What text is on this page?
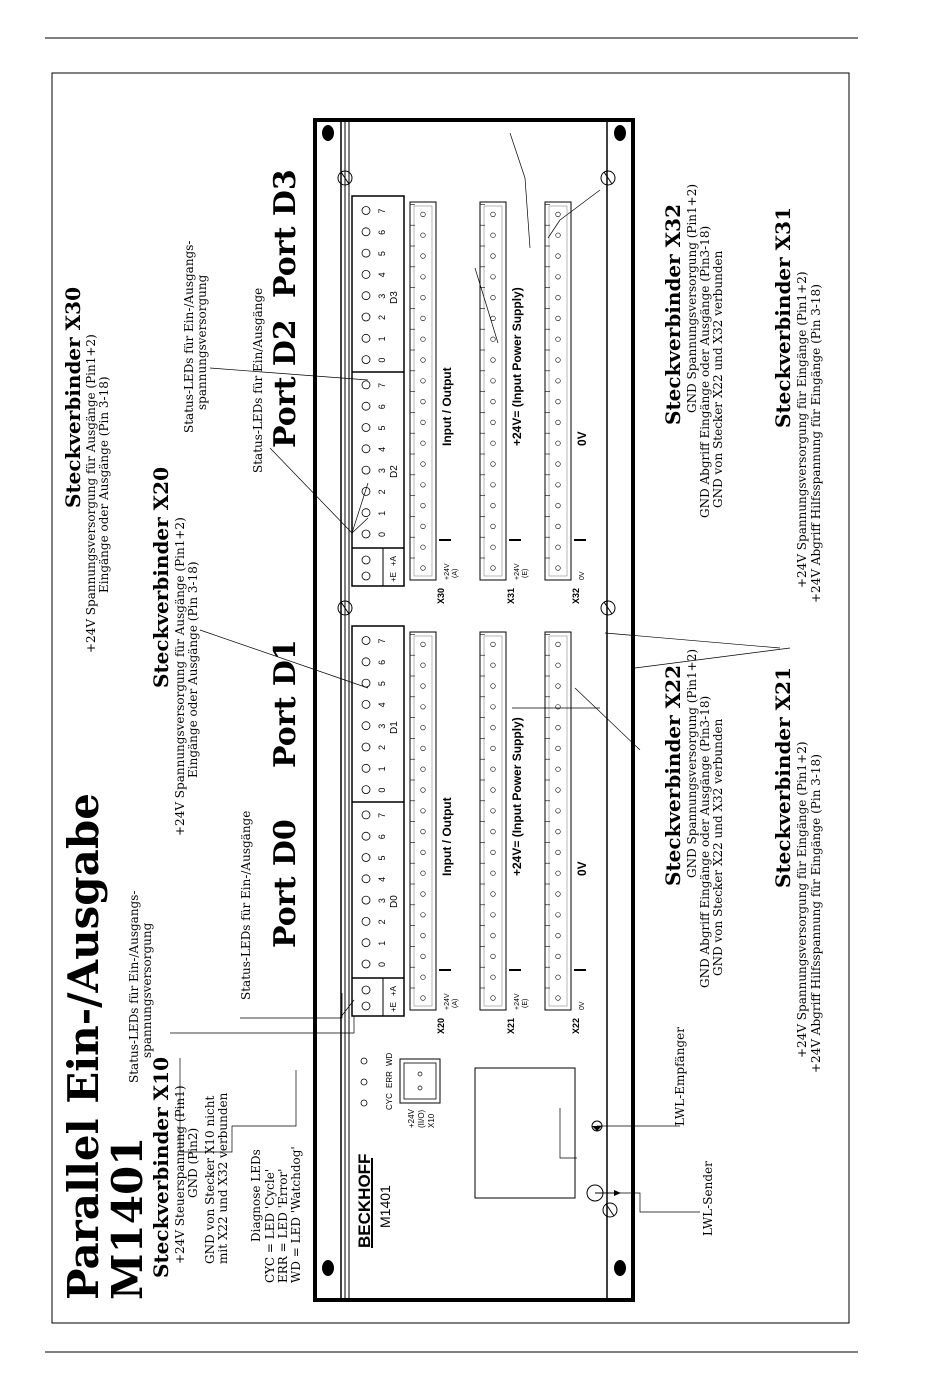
Parallel Ein-/Ausgabe
M1401
Steckverbinder X10 +24V Steuerspannung (Pin1) GND (Pin2) GND von Stecker X10 nicht mit X22 und X32 verbunden Diagnose LEDs CYC = LED 'Cycle' ERR = LED 'Error' WD = LED 'Watchdog'
Status-LEDs für Ein-/Ausgangs- spannungsversorgung	Status-LEDs für Ein-/Ausgänge Port D0
Port D1
Steckverbinder X20 +24V Spannungsversorgung für Ausgänge (Pin1+2) Eingänge oder Ausgänge (Pin 3-18)
Status-LEDs für Ein-/Ausgangs- spannungsversorgung	Status-LEDs für Ein/Ausgänge Port D2
Port D3
Steckverbinder X30 +24V Spannungsversorgung für Ausgänge (Pin1+2) Eingänge oder Ausgänge (Pin 3-18)
Steckverbinder X22 GND Spannungsversorgung (Pin1+2) GND Abgriff Eingänge oder Ausgänge (Pin3-18) GND von Stecker X22 und X32 verbunden Steckverbinder X21 +24V Spannungsversorgung für Eingänge (Pin1+2) +24V Abgriff Hilfsspannung für Eingänge (Pin 3-18)
Steckverbinder X32 GND Spannungsversorgung (Pin1+2) GND Abgriff Eingänge oder Ausgänge (Pin3-18) GND von Stecker X22 und X32 verbunden Steckverbinder X31 +24V Spannungsversorgung für Eingänge (Pin1+2) +24V Abgriff Hilfsspannung für Eingänge (Pin 3-18)
LWL-Empfänger
LWL-Sender
BECKHOFF M1401
CYC
ERR
WD
+24V (II/O) X10
+E
+A
0
1
2
3
4
5
6
7
0
1
2
3
4
5
6
7
D0
D1
+24V (A)
Input / Output
X20
+24V (E)
+24V= (Input Power Supply)
X21
0V
0V
X22
+E
+A
0
1
2
3
4
5
6
7
0
1
2
3
4
5
6
7
D2
D3
+24V (A)
Input / Output
X30
+24V (E)
+24V= (Input Power Supply)
X31
0V
0V
X32
